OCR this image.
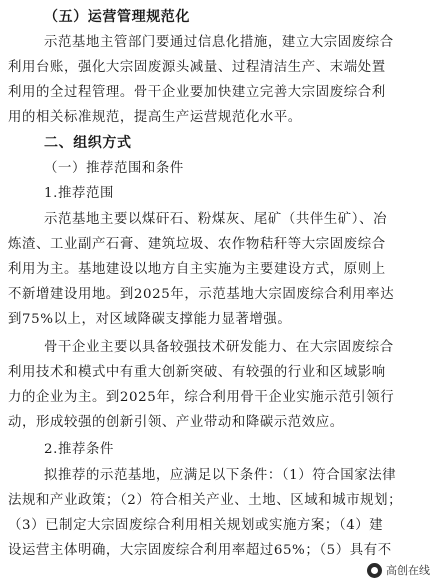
（五）运营管理规范化
示范基地主管部门要通过信息化措施，建立大宗固废综合
利用台账，强化大宗固废源头减量、过程清洁生产、末端处置
利用的全过程管理。骨干企业要加快建立完善大宗固废综合利
用的相关标准规范，提高生产运营规范化水平。
二、组织方式
（一）推荐范围和条件
1.推荐范围
示范基地主要以煤矸石、粉煤灰、尾矿（共伴生矿）、冶
炼渣、工业副产石膏、建筑垃圾、农作物秸秆等大宗固废综合
利用为主。基地建设以地方自主实施为主要建设方式，原则上
不新增建设用地。到2025年，示范基地大宗固废综合利用率达
到75%以上，对区域降碳支撑能力显著增强。
骨干企业主要以具备较强技术研发能力、在大宗固废综合
利用技术和模式中有重大创新突破、有较强的行业和区域影响
力的企业为主。到2025年，综合利用骨干企业实施示范引领行
动，形成较强的创新引领、产业带动和降碳示范效应。
2.推荐条件
拟推荐的示范基地，应满足以下条件：（1）符合国家法律
法规和产业政策；（2）符合相关产业、土地、区域和城市规划；
（3）已制定大宗固废综合利用相关规划或实施方案；（4）建
设运营主体明确，大宗固废综合利用率超过65%；（5）具有不
高创在线
